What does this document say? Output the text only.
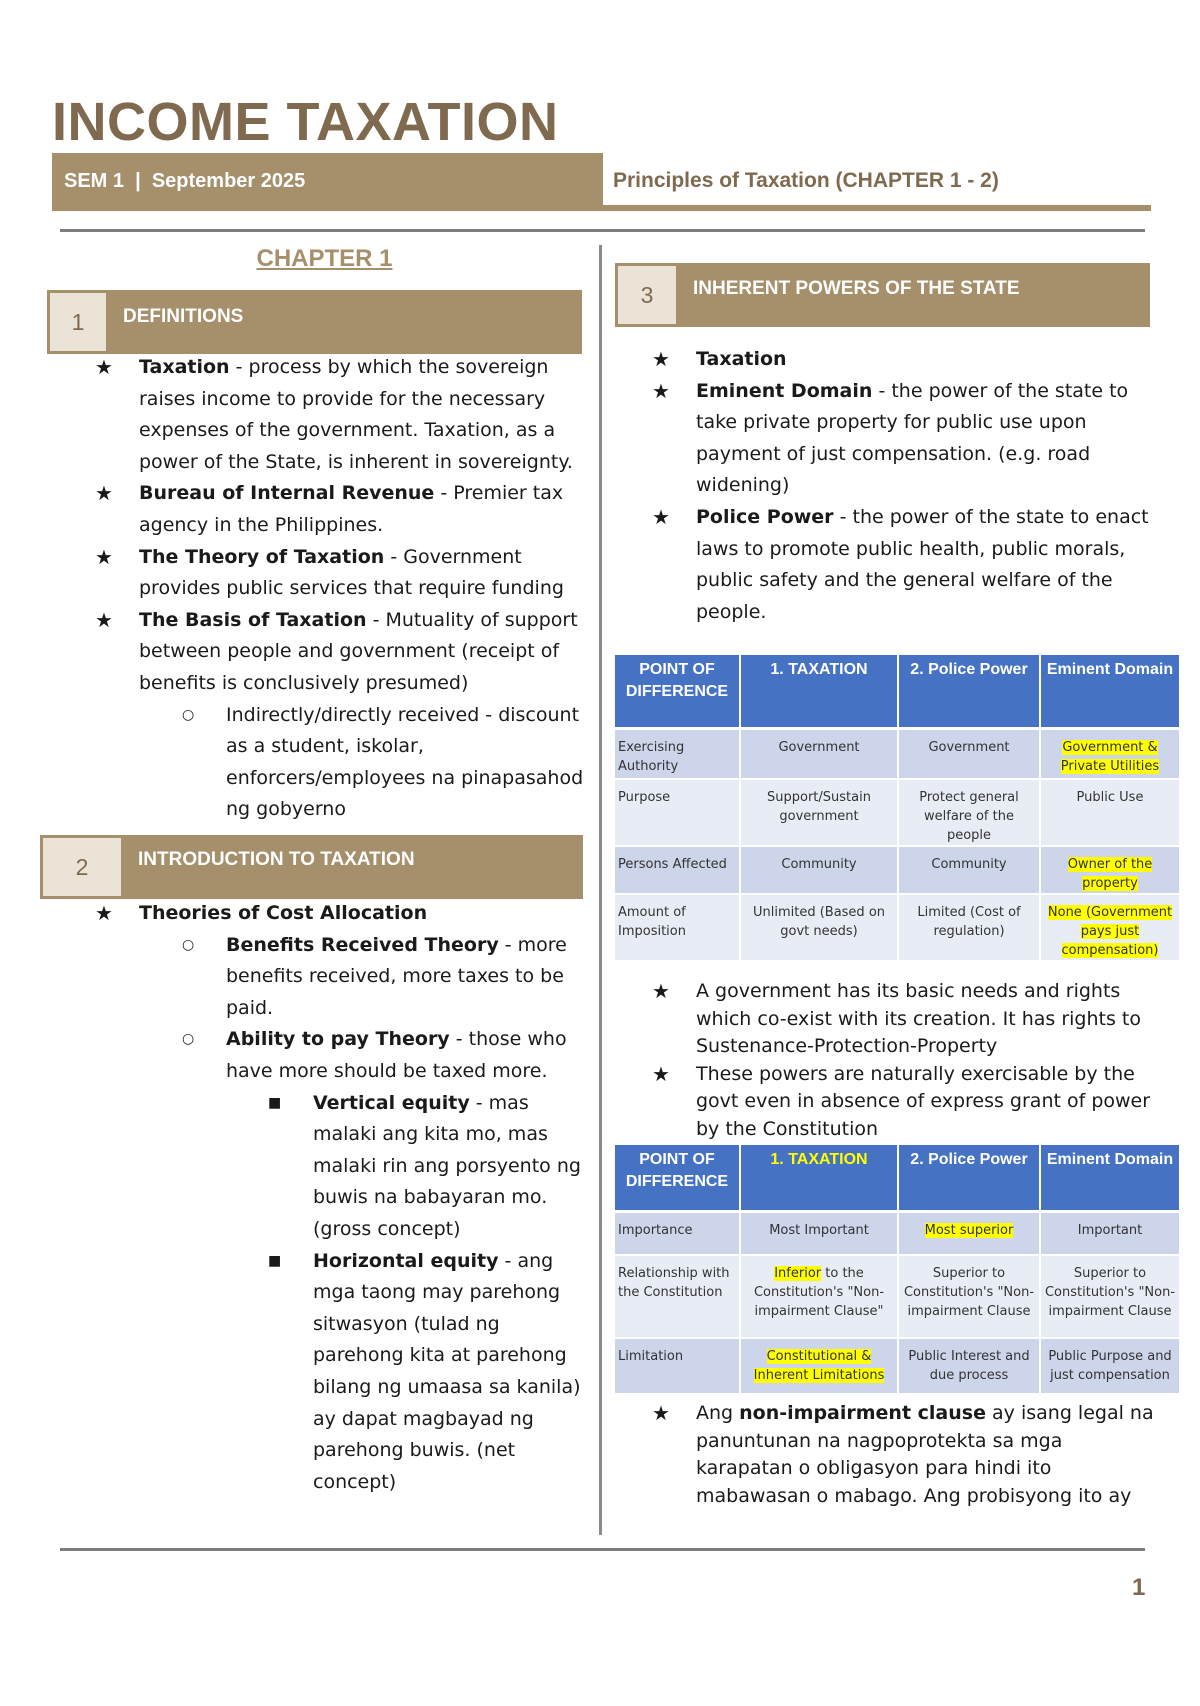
INCOME TAXATION
SEM 1  |  September 2025	Principles of Taxation (CHAPTER 1 - 2)
CHAPTER 1
1	DEFINITIONS
★ Taxation - process by which the sovereign raises income to provide for the necessary expenses of the government. Taxation, as a power of the State, is inherent in sovereignty.
★ Bureau of Internal Revenue - Premier tax agency in the Philippines.
★ The Theory of Taxation - Government provides public services that require funding
★ The Basis of Taxation - Mutuality of support between people and government (receipt of benefits is conclusively presumed)
○ Indirectly/directly received - discount as a student, iskolar, enforcers/employees na pinapasahod ng gobyerno
2	INTRODUCTION TO TAXATION
★ Theories of Cost Allocation
○ Benefits Received Theory - more benefits received, more taxes to be paid.
○ Ability to pay Theory - those who have more should be taxed more.
■ Vertical equity - mas malaki ang kita mo, mas malaki rin ang porsyento ng buwis na babayaran mo. (gross concept)
■ Horizontal equity - ang mga taong may parehong sitwasyon (tulad ng parehong kita at parehong bilang ng umaasa sa kanila) ay dapat magbayad ng parehong buwis. (net concept)
3	INHERENT POWERS OF THE STATE
★ Taxation
★ Eminent Domain - the power of the state to take private property for public use upon payment of just compensation. (e.g. road widening)
★ Police Power - the power of the state to enact laws to promote public health, public morals, public safety and the general welfare of the people.
POINT OF DIFFERENCE	1. TAXATION	2. Police Power	Eminent Domain
Exercising Authority	Government	Government	Government & Private Utilities
Purpose	Support/Sustain government	Protect general welfare of the people	Public Use
Persons Affected	Community	Community	Owner of the property
Amount of Imposition	Unlimited (Based on govt needs)	Limited (Cost of regulation)	None (Government pays just compensation)
★ A government has its basic needs and rights which co-exist with its creation. It has rights to Sustenance-Protection-Property
★ These powers are naturally exercisable by the govt even in absence of express grant of power by the Constitution
POINT OF DIFFERENCE	1. TAXATION	2. Police Power	Eminent Domain
Importance	Most Important	Most superior	Important
Relationship with the Constitution	Inferior to the Constitution's "Non-impairment Clause"	Superior to Constitution's "Non-impairment Clause	Superior to Constitution's "Non-impairment Clause
Limitation	Constitutional & Inherent Limitations	Public Interest and due process	Public Purpose and just compensation
★ Ang non-impairment clause ay isang legal na panuntunan na nagpoprotekta sa mga karapatan o obligasyon para hindi ito mabawasan o mabago. Ang probisyong ito ay
1
